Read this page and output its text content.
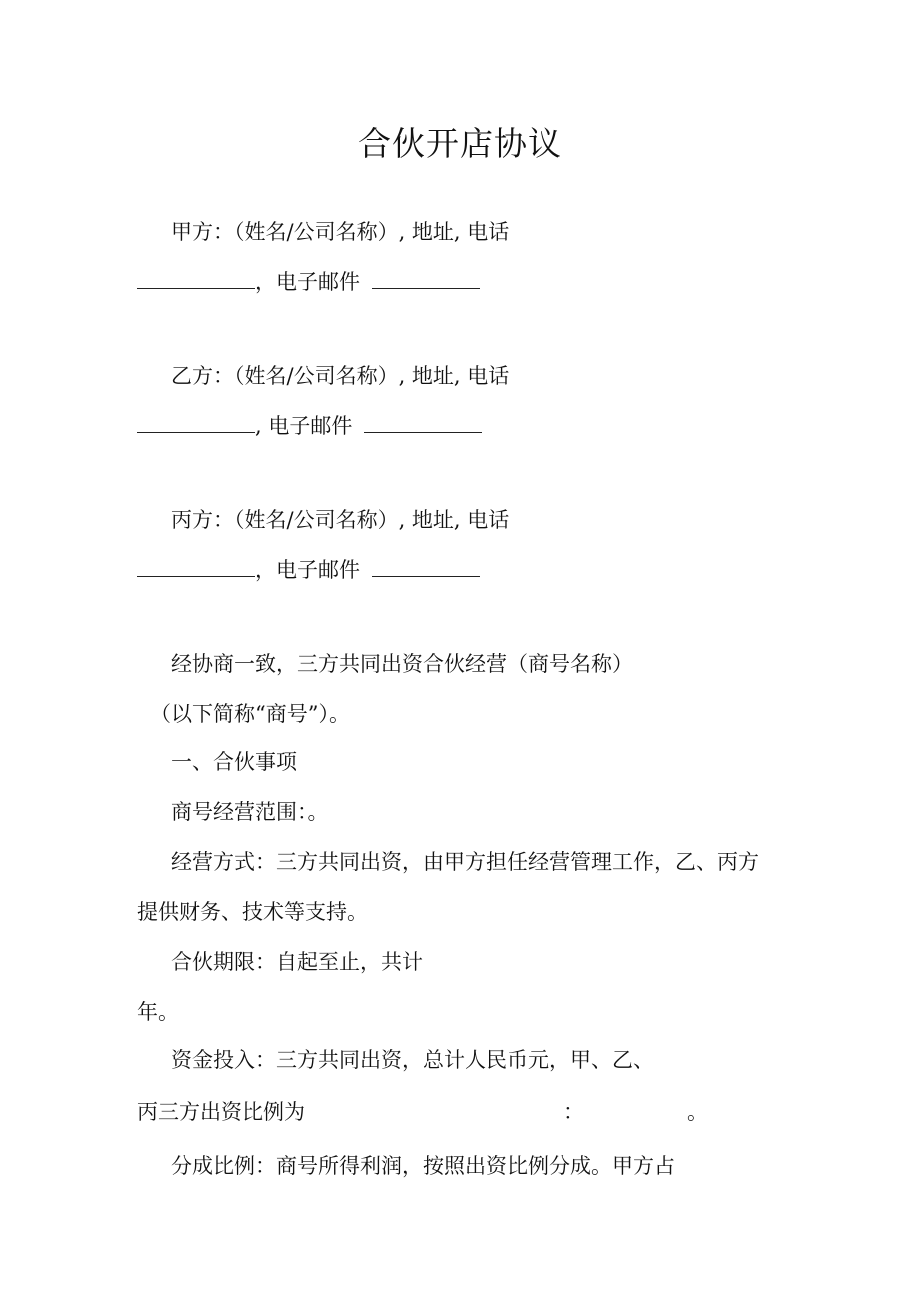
合伙开店协议
甲方：（姓名/公司名称）, 地址, 电话
，电子邮件
乙方：（姓名/公司名称）, 地址, 电话
, 电子邮件
丙方：（姓名/公司名称）, 地址, 电话
，电子邮件
经协商一致，三方共同出资合伙经营（商号名称）
（以下简称“商号”）。
一、合伙事项
商号经营范围：。
经营方式：三方共同出资，由甲方担任经营管理工作，乙、丙方
提供财务、技术等支持。
合伙期限：自起至止，共计
年。
资金投入：三方共同出资，总计人民币元，甲、乙、
丙三方出资比例为	：	。
分成比例：商号所得利润，按照出资比例分成。甲方占
